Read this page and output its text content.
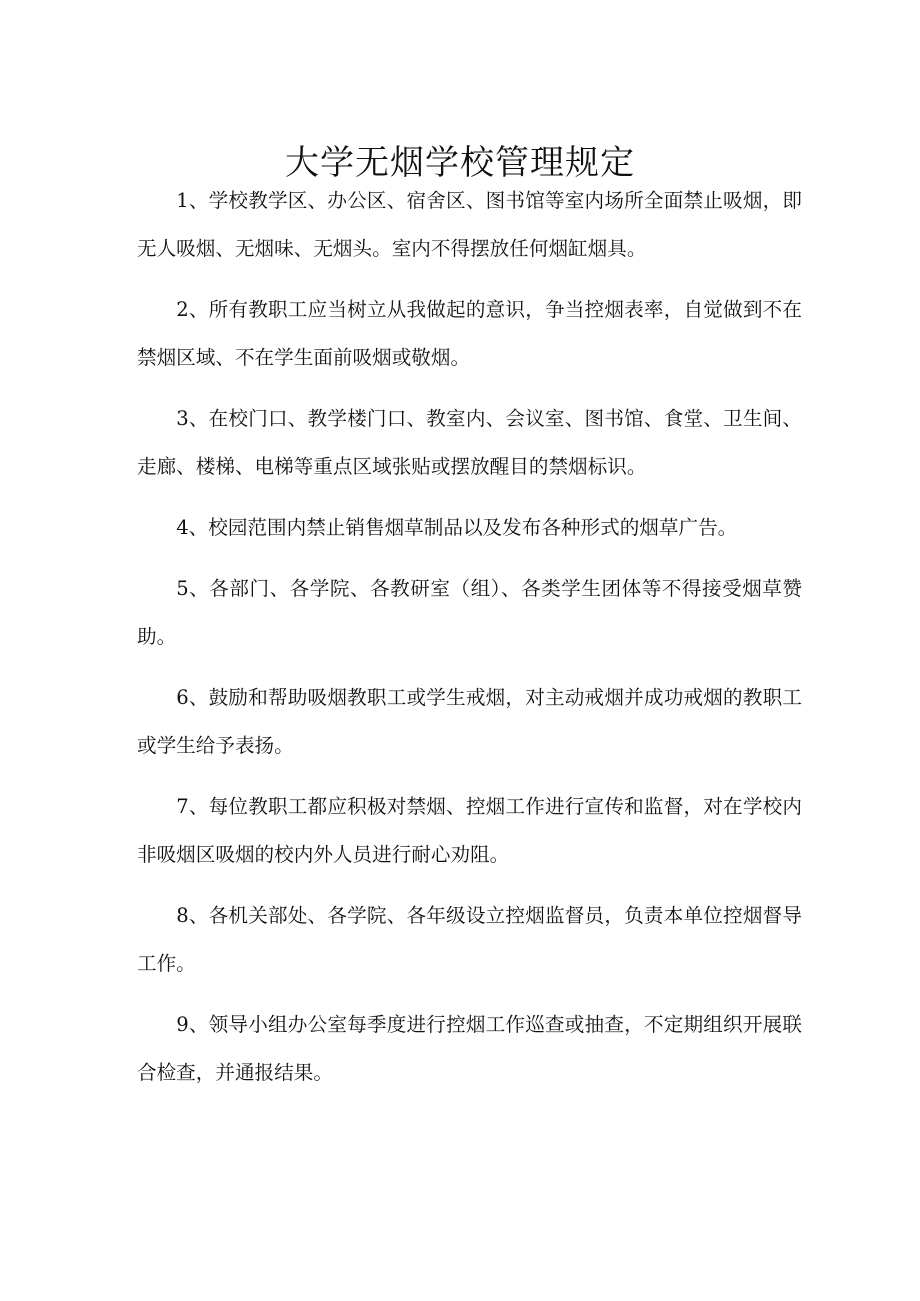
大学无烟学校管理规定

1、学校教学区、办公区、宿舍区、图书馆等室内场所全面禁止吸烟，即无人吸烟、无烟味、无烟头。室内不得摆放任何烟缸烟具。

2、所有教职工应当树立从我做起的意识，争当控烟表率，自觉做到不在禁烟区域、不在学生面前吸烟或敬烟。

3、在校门口、教学楼门口、教室内、会议室、图书馆、食堂、卫生间、走廊、楼梯、电梯等重点区域张贴或摆放醒目的禁烟标识。

4、校园范围内禁止销售烟草制品以及发布各种形式的烟草广告。

5、各部门、各学院、各教研室（组）、各类学生团体等不得接受烟草赞助。

6、鼓励和帮助吸烟教职工或学生戒烟，对主动戒烟并成功戒烟的教职工或学生给予表扬。

7、每位教职工都应积极对禁烟、控烟工作进行宣传和监督，对在学校内非吸烟区吸烟的校内外人员进行耐心劝阻。

8、各机关部处、各学院、各年级设立控烟监督员，负责本单位控烟督导工作。

9、领导小组办公室每季度进行控烟工作巡查或抽查，不定期组织开展联合检查，并通报结果。
